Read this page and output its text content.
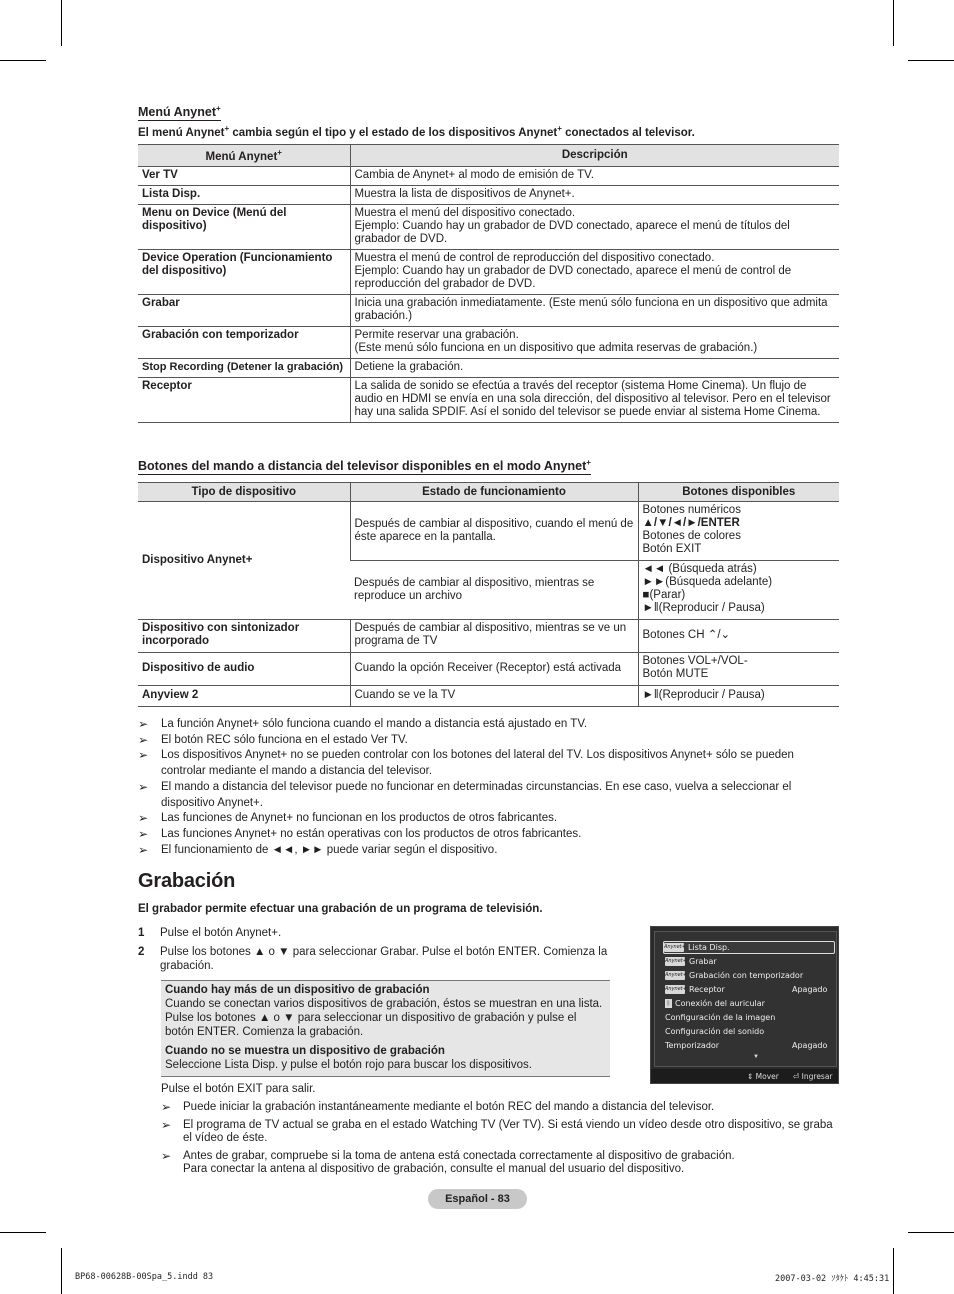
Menú Anynet+
El menú Anynet+ cambia según el tipo y el estado de los dispositivos Anynet+ conectados al televisor.
Menú Anynet+	Descripción
Ver TV	Cambia de Anynet+ al modo de emisión de TV.
Lista Disp.	Muestra la lista de dispositivos de Anynet+.
Menu on Device (Menú del dispositivo)	Muestra el menú del dispositivo conectado.
Ejemplo: Cuando hay un grabador de DVD conectado, aparece el menú de títulos del grabador de DVD.
Device Operation (Funcionamiento del dispositivo)	Muestra el menú de control de reproducción del dispositivo conectado.
Ejemplo: Cuando hay un grabador de DVD conectado, aparece el menú de control de reproducción del grabador de DVD.
Grabar	Inicia una grabación inmediatamente. (Este menú sólo funciona en un dispositivo que admita grabación.)
Grabación con temporizador	Permite reservar una grabación.
(Este menú sólo funciona en un dispositivo que admita reservas de grabación.)
Stop Recording (Detener la grabación)	Detiene la grabación.
Receptor	La salida de sonido se efectúa a través del receptor (sistema Home Cinema). Un flujo de audio en HDMI se envía en una sola dirección, del dispositivo al televisor. Pero en el televisor hay una salida SPDIF. Así el sonido del televisor se puede enviar al sistema Home Cinema.
Botones del mando a distancia del televisor disponibles en el modo Anynet+
Tipo de dispositivo	Estado de funcionamiento	Botones disponibles
Dispositivo Anynet+	Después de cambiar al dispositivo, cuando el menú de éste aparece en la pantalla.	Botones numéricos
▲/▼/◄/►/ENTER
Botones de colores
Botón EXIT

	Después de cambiar al dispositivo, mientras se reproduce un archivo	◄◄ (Búsqueda atrás)
►►(Búsqueda adelante)
■(Parar)
►‖(Reproducir / Pausa)

Dispositivo con sintonizador incorporado	Después de cambiar al dispositivo, mientras se ve un programa de TV	Botones CH ⌃/⌄
Dispositivo de audio	Cuando la opción Receiver (Receptor) está activada	Botones VOL+/VOL-
Botón MUTE

Anyview 2	Cuando se ve la TV	►‖(Reproducir / Pausa)
➢ La función Anynet+ sólo funciona cuando el mando a distancia está ajustado en TV.
➢ El botón REC sólo funciona en el estado Ver TV.
➢ Los dispositivos Anynet+ no se pueden controlar con los botones del lateral del TV. Los dispositivos Anynet+ sólo se pueden controlar mediante el mando a distancia del televisor.
➢ El mando a distancia del televisor puede no funcionar en determinadas circunstancias. En ese caso, vuelva a seleccionar el dispositivo Anynet+.
➢ Las funciones de Anynet+ no funcionan en los productos de otros fabricantes.
➢ Las funciones Anynet+ no están operativas con los productos de otros fabricantes.
➢ El funcionamiento de ◄◄, ►► puede variar según el dispositivo.
Grabación
El grabador permite efectuar una grabación de un programa de televisión.
1	Pulse el botón Anynet+.
2	Pulse los botones ▲ o ▼ para seleccionar Grabar. Pulse el botón ENTER. Comienza la grabación.
Cuando hay más de un dispositivo de grabación
Cuando se conectan varios dispositivos de grabación, éstos se muestran en una lista. Pulse los botones ▲ o ▼ para seleccionar un dispositivo de grabación y pulse el botón ENTER. Comienza la grabación.
Cuando no se muestra un dispositivo de grabación
Seleccione Lista Disp. y pulse el botón rojo para buscar los dispositivos.
Pulse el botón EXIT para salir.
➢ Puede iniciar la grabación instantáneamente mediante el botón REC del mando a distancia del televisor.
➢ El programa de TV actual se graba en el estado Watching TV (Ver TV). Si está viendo un vídeo desde otro dispositivo, se graba el vídeo de éste.
➢ Antes de grabar, compruebe si la toma de antena está conectada correctamente al dispositivo de grabación.
Para conectar la antena al dispositivo de grabación, consulte el manual del usuario del dispositivo.
Anynet+ Lista Disp.
Anynet+ Grabar
Anynet+ Grabación con temporizador
Anynet+ Receptor	Apagado
ᛒ Conexión del auricular
Configuración de la imagen
Configuración del sonido
Temporizador	Apagado
▼
⇕ Mover ⏎ Ingresar
Español - 83
BP68-00628B-00Spa_5.indd 83	2007-03-02 ｿﾀｹﾄ 4:45:31
